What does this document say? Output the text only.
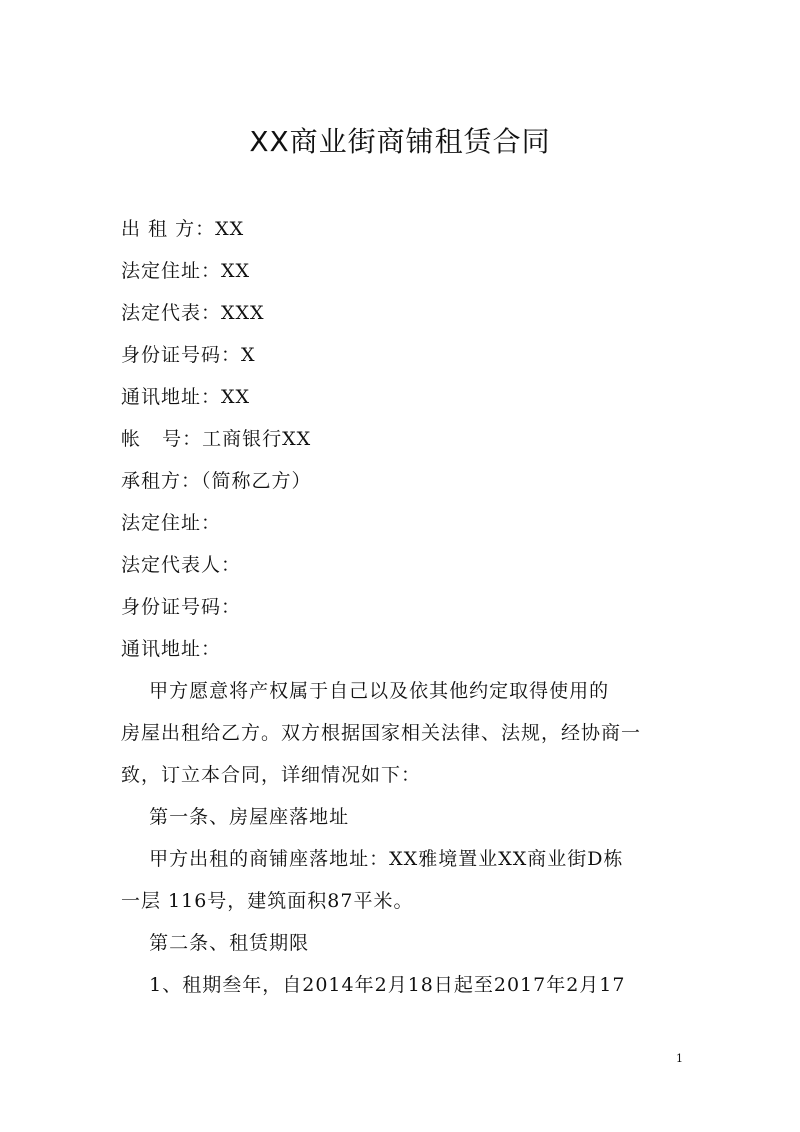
XX商业街商铺租赁合同
出 租 方：XX
法定住址：XX
法定代表：XXX
身份证号码：X
通讯地址：XX
帐   号：工商银行XX
承租方：（简称乙方）
法定住址：
法定代表人：
身份证号码：
通讯地址：
甲方愿意将产权属于自己以及依其他约定取得使用的
房屋出租给乙方。双方根据国家相关法律、法规，经协商一
致，订立本合同，详细情况如下：
第一条、房屋座落地址
甲方出租的商铺座落地址：XX雅境置业XX商业街D栋
一层 116号，建筑面积87平米。
第二条、租赁期限
1、租期叁年，自2014年2月18日起至2017年2月17
1
